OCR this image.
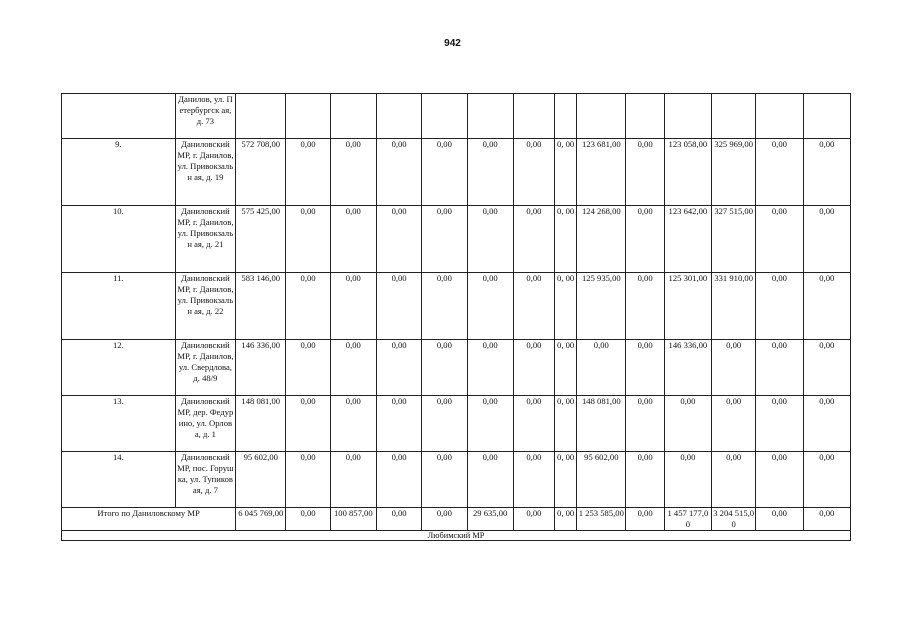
942
	Данилов, ул. Петербургск ая, д. 73														
9.	Даниловский МР, г. Данилов, ул. Привокзальн ая, д. 19	572 708,00	0,00	0,00	0,00	0,00	0,00	0,00	0, 00	123 681,00	0,00	123 058,00	325 969,00	0,00	0,00
10.	Даниловский МР, г. Данилов, ул. Привокзальн ая, д. 21	575 425,00	0,00	0,00	0,00	0,00	0,00	0,00	0, 00	124 268,00	0,00	123 642,00	327 515,00	0,00	0,00
11.	Даниловский МР, г. Данилов, ул. Привокзальн ая, д. 22	583 146,00	0,00	0,00	0,00	0,00	0,00	0,00	0, 00	125 935,00	0,00	125 301,00	331 910,00	0,00	0,00
12.	Даниловский МР, г. Данилов, ул. Свердлова, д. 48/9	146 336,00	0,00	0,00	0,00	0,00	0,00	0,00	0, 00	0,00	0,00	146 336,00	0,00	0,00	0,00
13.	Даниловский МР, дер. Федурино, ул. Орлова, д. 1	148 081,00	0,00	0,00	0,00	0,00	0,00	0,00	0, 00	148 081,00	0,00	0,00	0,00	0,00	0,00
14.	Даниловский МР, пос. Горушка, ул. Тупиковая, д. 7	95 602,00	0,00	0,00	0,00	0,00	0,00	0,00	0, 00	95 602,00	0,00	0,00	0,00	0,00	0,00
Итого по Даниловскому МР		6 045 769,00	0,00	100 857,00	0,00	0,00	29 635,00	0,00	0, 00	1 253 585,00	0,00	1 457 177,00	3 204 515,00	0,00	0,00
Любимский МР															
